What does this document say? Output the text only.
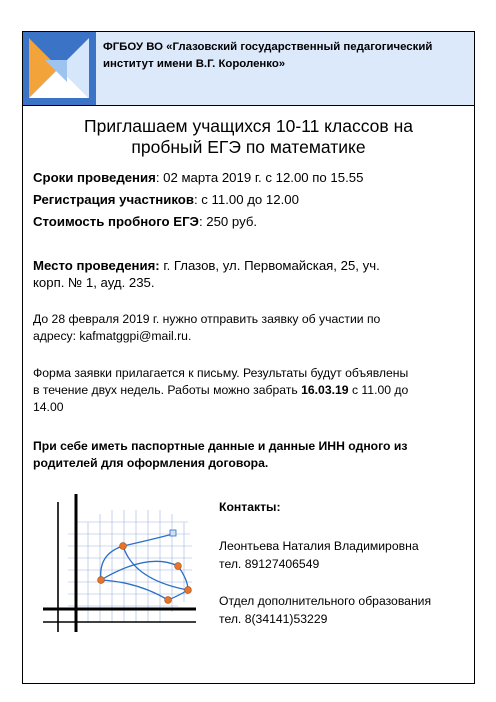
ФГБОУ ВО «Глазовский государственный педагогический
институт имени В.Г. Короленко»
Приглашаем учащихся 10-11 классов на
пробный ЕГЭ по математике
Сроки проведения: 02 марта 2019 г. с 12.00 по 15.55
Регистрация участников: с 11.00 до 12.00
Стоимость пробного ЕГЭ: 250 руб.
Место проведения: г. Глазов, ул. Первомайская, 25, уч.
корп. № 1, ауд. 235.
До 28 февраля 2019 г. нужно отправить заявку об участии по
адресу: kafmatggpi@mail.ru.
Форма заявки прилагается к письму. Результаты будут объявлены
в течение двух недель. Работы можно забрать 16.03.19 с 11.00 до
14.00
При себе иметь паспортные данные и данные ИНН одного из
родителей для оформления договора.
Контакты:
Леонтьева Наталия Владимировна
тел. 89127406549
Отдел дополнительного образования
тел. 8(34141)53229
